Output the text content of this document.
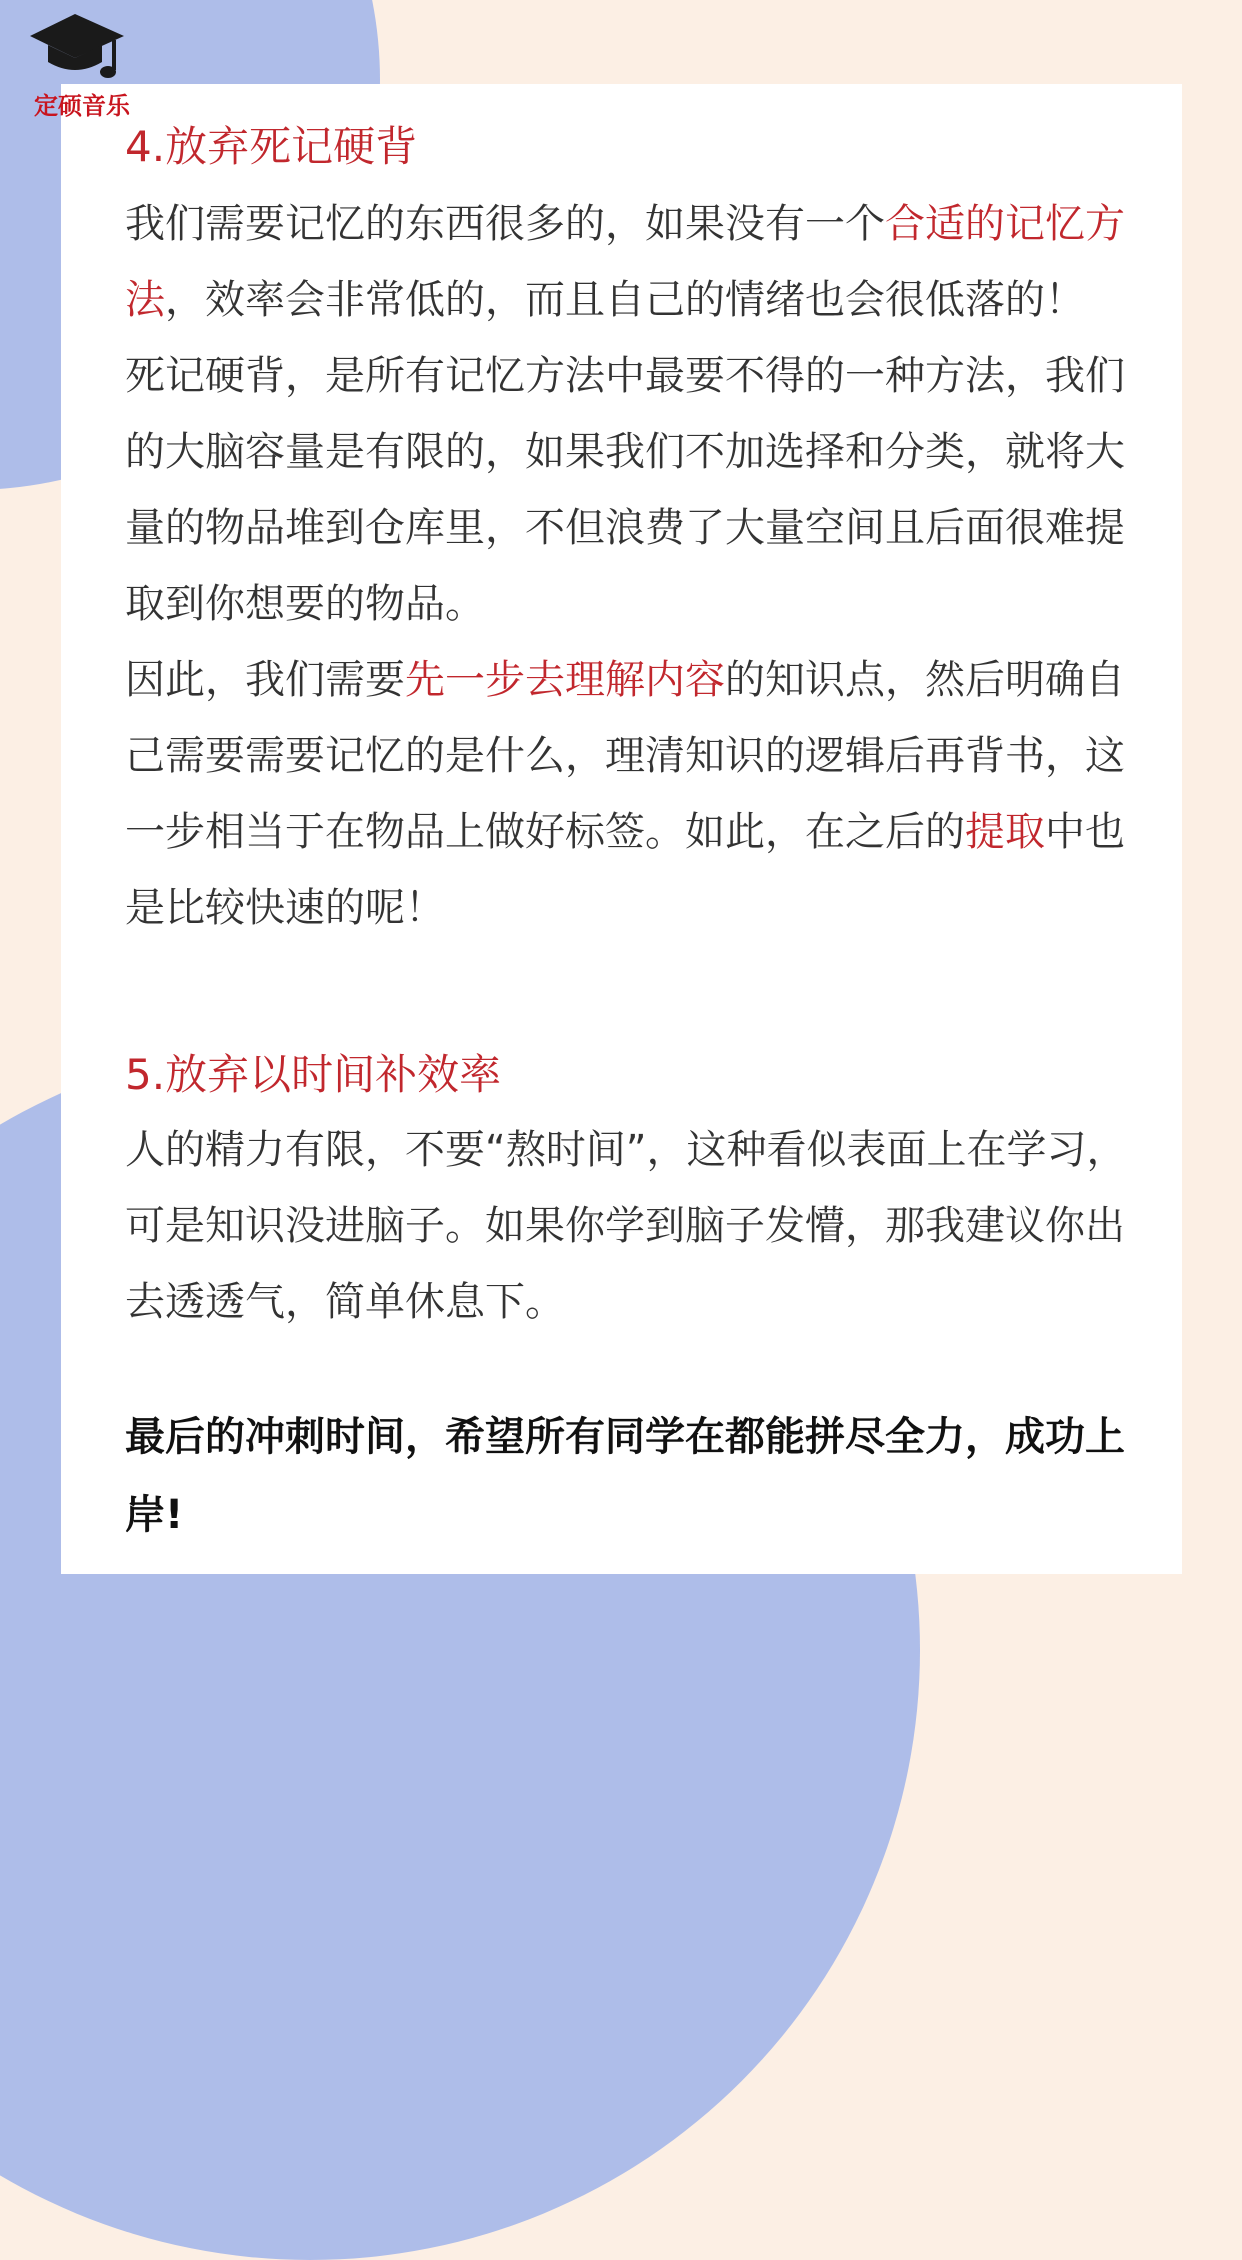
定硕音乐
4.放弃死记硬背

我们需要记忆的东西很多的，如果没有一个合适的记忆方法，效率会非常低的，而且自己的情绪也会很低落的！

死记硬背，是所有记忆方法中最要不得的一种方法，我们的大脑容量是有限的，如果我们不加选择和分类，就将大量的物品堆到仓库里，不但浪费了大量空间且后面很难提取到你想要的物品。

因此，我们需要先一步去理解内容的知识点，然后明确自己需要需要记忆的是什么，理清知识的逻辑后再背书，这一步相当于在物品上做好标签。如此，在之后的提取中也是比较快速的呢！

5.放弃以时间补效率

人的精力有限，不要“熬时间”，这种看似表面上在学习，可是知识没进脑子。如果你学到脑子发懵，那我建议你出去透透气，简单休息下。

最后的冲刺时间，希望所有同学在都能拼尽全力，成功上岸!
